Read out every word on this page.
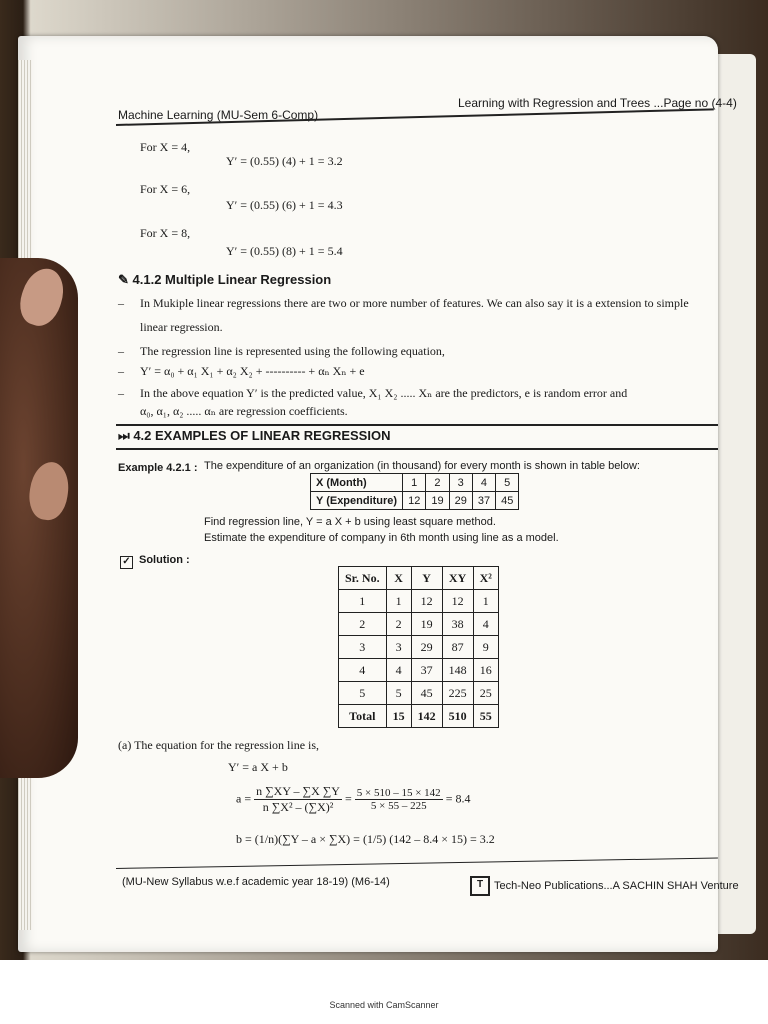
Machine Learning (MU-Sem 6-Comp)
Learning with Regression and Trees ...Page no (4-4)
For X = 4,
Y′ = (0.55) (4) + 1 = 3.2
For X = 6,
Y′ = (0.55) (6) + 1 = 4.3
For X = 8,
Y′ = (0.55) (8) + 1 = 5.4
✎ 4.1.2 Multiple Linear Regression
– In Mukiple linear regressions there are two or more number of features. We can also say it is a extension to simple
linear regression.
– The regression line is represented using the following equation,
– Y′ = α₀ + α₁ X₁ + α₂ X₂ + ---------- + αₙ Xₙ + e
– In the above equation Y′ is the predicted value, X₁ X₂ ..... Xₙ are the predictors, e is random error and
α₀, α₁, α₂ ..... αₙ are regression coefficients.
⏭ 4.2 EXAMPLES OF LINEAR REGRESSION
Example 4.2.1 : The expenditure of an organization (in thousand) for every month is shown in table below:
X (Month)	1	2	3	4	5
Y (Expenditure)	12	19	29	37	45
Find regression line, Y = a X + b using least square method.
Estimate the expenditure of company in 6th month using line as a model.
✓ Solution :
Sr. No.	X	Y	XY	X²
1	1	12	12	1
2	2	19	38	4
3	3	29	87	9
4	4	37	148	16
5	5	45	225	25
Total	15	142	510	55
(a) The equation for the regression line is,
Y′ = a X + b
$a = \frac{n \sum XY - \sum X \sum Y}{\text{n ∑X² – (∑X)²}} = \frac{5 \times 510 - 15 \times 142}{5 \times 55 - 225} = 8.4$
b = (1/n)(∑Y – a × ∑X) = (1/5) (142 – 8.4 × 15) = 3.2
(MU-New Syllabus w.e.f academic year 18-19) (M6-14)	T Tech-Neo Publications...A SACHIN SHAH Venture
Scanned with CamScanner
